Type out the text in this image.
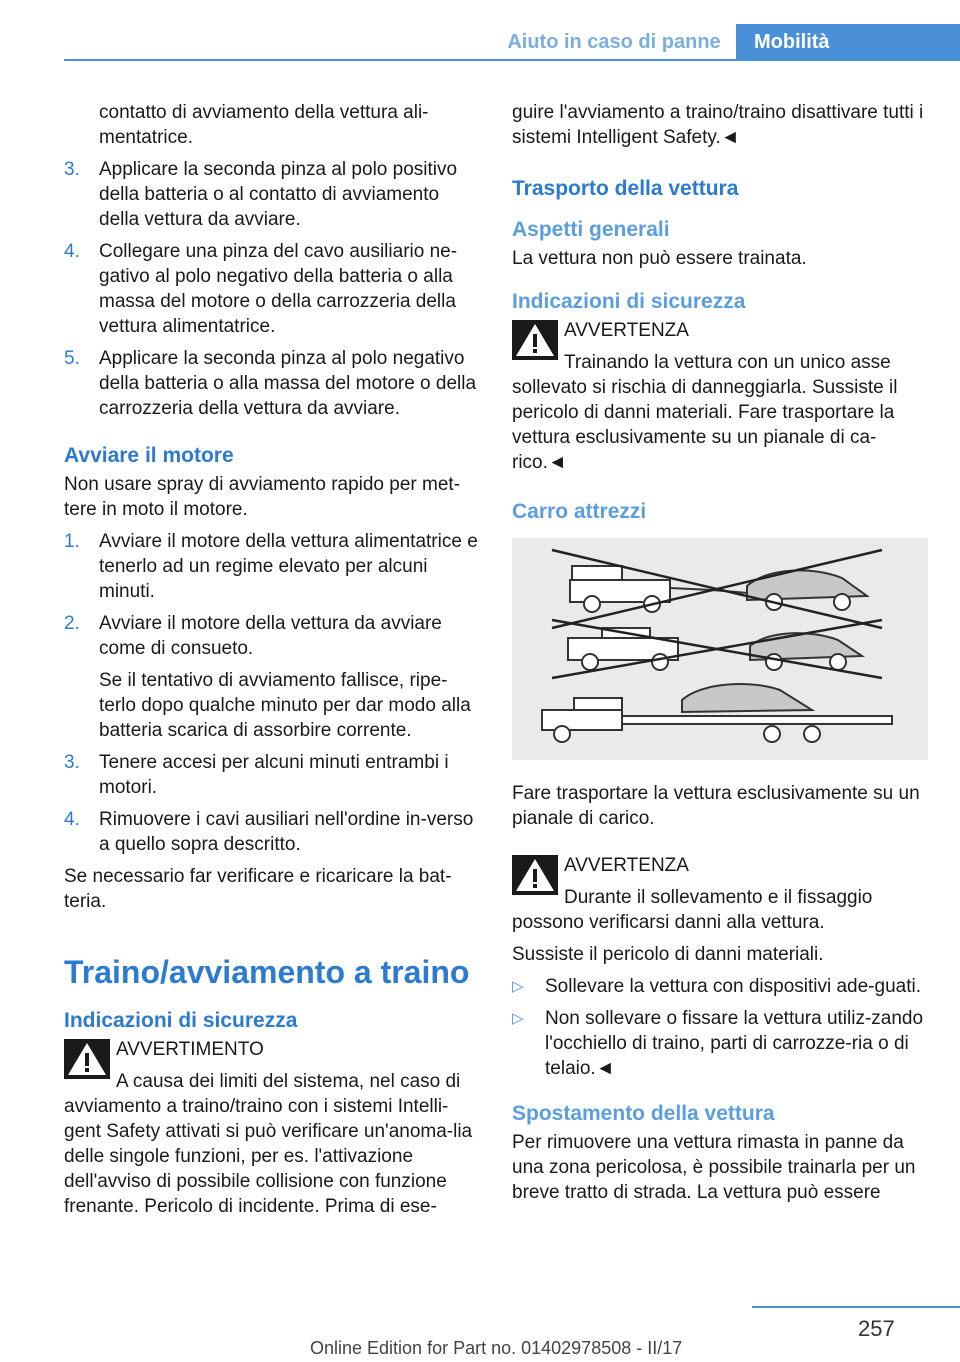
Aiuto in caso di panne	Mobilità
contatto di avviamento della vettura ali-mentatrice.
3.	Applicare la seconda pinza al polo positivo della batteria o al contatto di avviamento della vettura da avviare.
4.	Collegare una pinza del cavo ausiliario ne-gativo al polo negativo della batteria o alla massa del motore o della carrozzeria della vettura alimentatrice.
5.	Applicare la seconda pinza al polo negativo della batteria o alla massa del motore o della carrozzeria della vettura da avviare.
Avviare il motore
Non usare spray di avviamento rapido per met-tere in moto il motore.
1.	Avviare il motore della vettura alimentatrice e tenerlo ad un regime elevato per alcuni minuti.
2.	Avviare il motore della vettura da avviare come di consueto.
Se il tentativo di avviamento fallisce, ripe-terlo dopo qualche minuto per dar modo alla batteria scarica di assorbire corrente.
3.	Tenere accesi per alcuni minuti entrambi i motori.
4.	Rimuovere i cavi ausiliari nell'ordine in-verso a quello sopra descritto.
Se necessario far verificare e ricaricare la bat-teria.
Traino/avviamento a traino
Indicazioni di sicurezza
AVVERTIMENTO
A causa dei limiti del sistema, nel caso di avviamento a traino/traino con i sistemi Intelli-gent Safety attivati si può verificare un'anoma-lia delle singole funzioni, per es. l'attivazione dell'avviso di possibile collisione con funzione frenante. Pericolo di incidente. Prima di ese-
guire l'avviamento a traino/traino disattivare tutti i sistemi Intelligent Safety.◄
Trasporto della vettura
Aspetti generali
La vettura non può essere trainata.
Indicazioni di sicurezza
AVVERTENZA
Trainando la vettura con un unico asse sollevato si rischia di danneggiarla. Sussiste il pericolo di danni materiali. Fare trasportare la vettura esclusivamente su un pianale di ca-rico.◄
Carro attrezzi
Fare trasportare la vettura esclusivamente su un pianale di carico.
AVVERTENZA
Durante il sollevamento e il fissaggio possono verificarsi danni alla vettura.
Sussiste il pericolo di danni materiali.
▷	Sollevare la vettura con dispositivi ade-guati.
▷	Non sollevare o fissare la vettura utiliz-zando l'occhiello di traino, parti di carrozze-ria o di telaio.◄
Spostamento della vettura
Per rimuovere una vettura rimasta in panne da una zona pericolosa, è possibile trainarla per un breve tratto di strada. La vettura può essere
257
Online Edition for Part no. 01402978508 - II/17
